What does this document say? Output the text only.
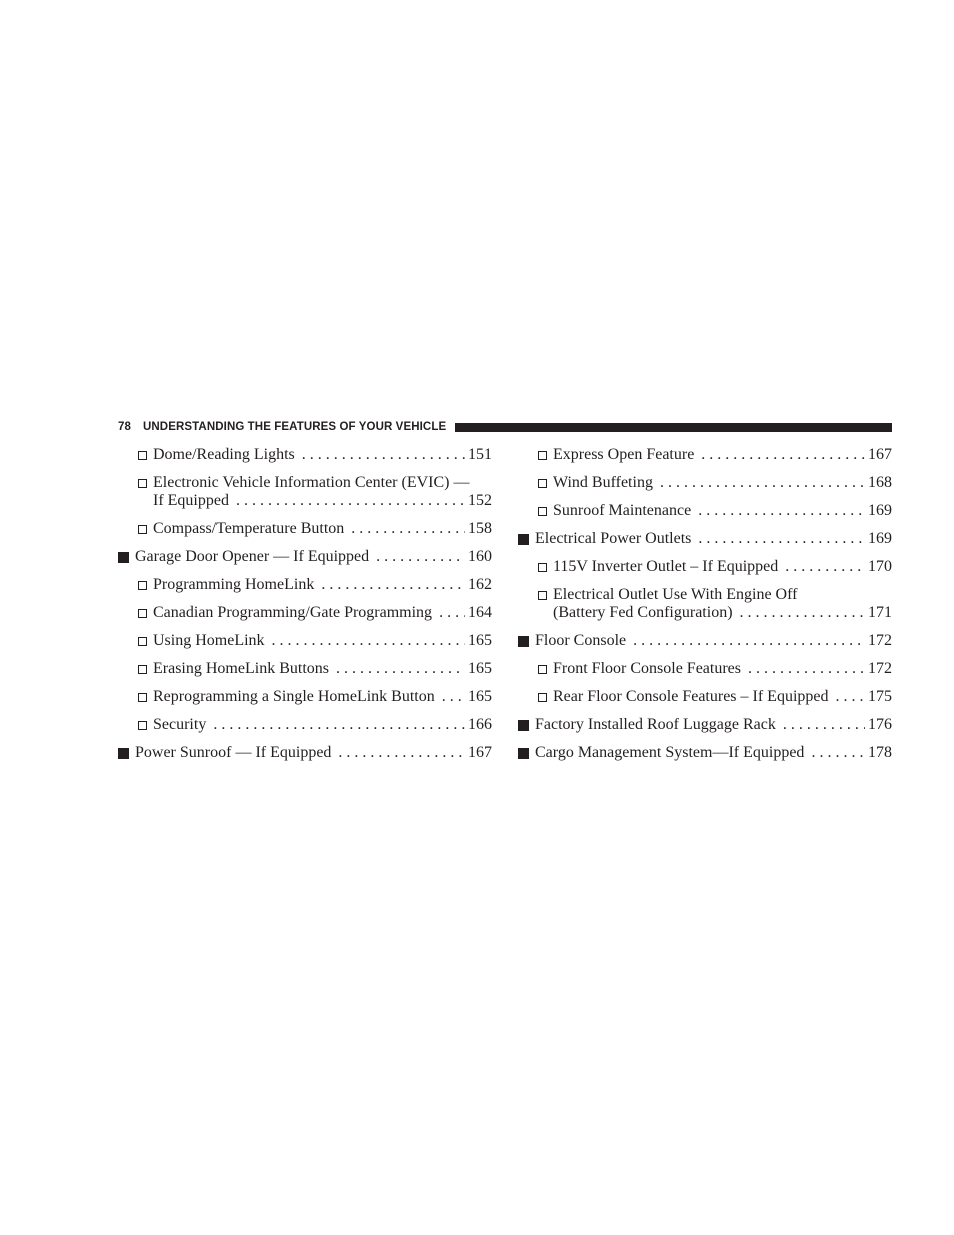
78 UNDERSTANDING THE FEATURES OF YOUR VEHICLE
Dome/Reading Lights . . .	151
Electronic Vehicle Information Center (EVIC) —
If Equipped . . .	152
Compass/Temperature Button . . .	158
Garage Door Opener — If Equipped . . .	160
Programming HomeLink . . .	162
Canadian Programming/Gate Programming . . . 164
Using HomeLink . . .	165
Erasing HomeLink Buttons . . .	165
Reprogramming a Single HomeLink Button . . . 165
Security . . .	166
Power Sunroof — If Equipped . . .	167
Express Open Feature . . .	167
Wind Buffeting . . .	168
Sunroof Maintenance . . .	169
Electrical Power Outlets . . .	169
115V Inverter Outlet – If Equipped . . .	170
Electrical Outlet Use With Engine Off
(Battery Fed Configuration) . . .	171
Floor Console . . .	172
Front Floor Console Features . . .	172
Rear Floor Console Features – If Equipped . . . 175
Factory Installed Roof Luggage Rack . . .	176
Cargo Management System—If Equipped . . .	178
